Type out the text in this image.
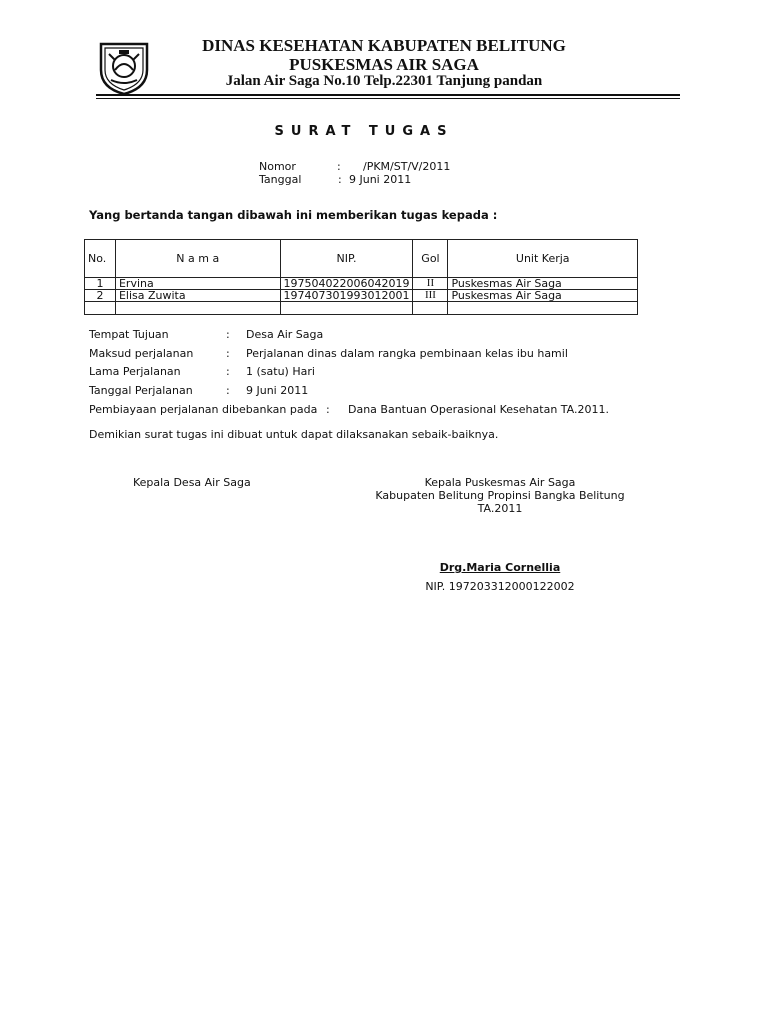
DINAS KESEHATAN KABUPATEN BELITUNG
PUSKESMAS AIR SAGA
Jalan Air Saga No.10 Telp.22301 Tanjung pandan
SURAT TUGAS
Nomor	: /PKM/ST/V/2011
Tanggal	: 9 Juni 2011
Yang bertanda tangan dibawah ini memberikan tugas kepada :
No.	N a m a	NIP.	Gol	Unit Kerja
1	Ervina	197504022006042019	II	Puskesmas Air Saga
2	Elisa Zuwita	197407301993012001	III	Puskesmas Air Saga

Tempat Tujuan	: Desa Air Saga
Maksud perjalanan	: Perjalanan dinas dalam rangka pembinaan kelas ibu hamil
Lama Perjalanan	: 1 (satu) Hari
Tanggal Perjalanan	: 9 Juni 2011
Pembiayaan perjalanan dibebankan pada : Dana Bantuan Operasional Kesehatan TA.2011.
Demikian surat tugas ini dibuat untuk dapat dilaksanakan sebaik-baiknya.
Kepala Desa Air Saga	Kepala Puskesmas Air Saga
Kabupaten Belitung Propinsi Bangka Belitung
TA.2011
Drg.Maria Cornellia
NIP. 197203312000122002
